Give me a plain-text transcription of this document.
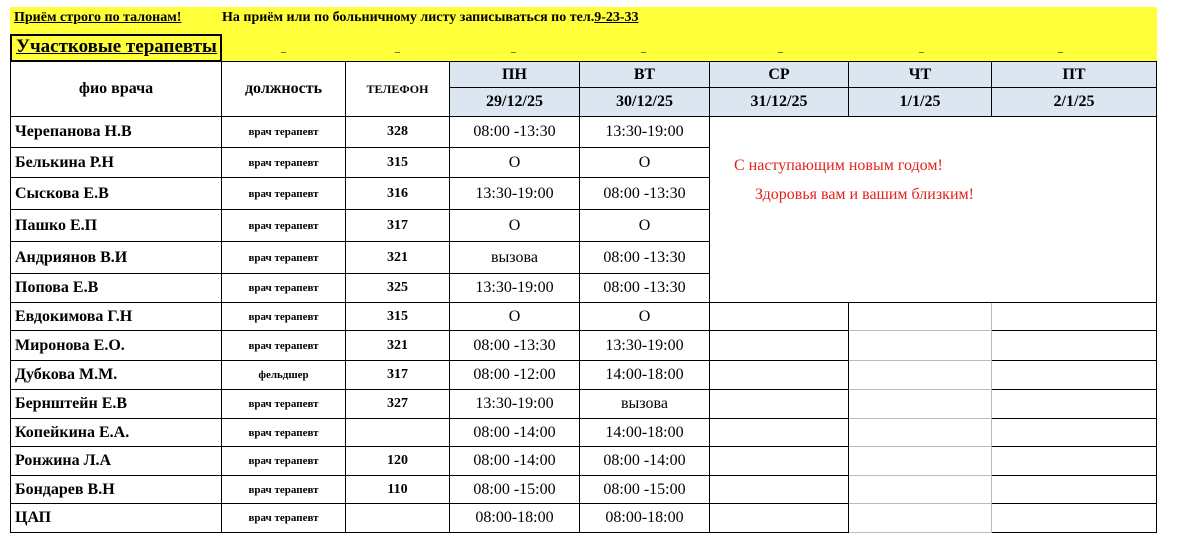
Приём строго по талонам!	На приём или по больничному листу записываться по тел.9-23-33
Участковые терапевты
фио врача	должность	ТЕЛЕФОН	ПН	ВТ	СР	ЧТ	ПТ
			29/12/25	30/12/25	31/12/25	1/1/25	2/1/25
Черепанова Н.В	врач терапевт	328	08:00 -13:30	13:30-19:00	С наступающим новым годом!
Здоровья вам и вашим близким!		

Белькина Р.Н	врач терапевт	315	О	О			
Сыскова Е.В	врач терапевт	316	13:30-19:00	08:00 -13:30			
Пашко Е.П	врач терапевт	317	О	О			
Андриянов В.И	врач терапевт	321	вызова	08:00 -13:30			
Попова Е.В	врач терапевт	325	13:30-19:00	08:00 -13:30			
Евдокимова Г.Н	врач терапевт	315	О	О			
Миронова Е.О.	врач терапевт	321	08:00 -13:30	13:30-19:00			
Дубкова М.М.	фельдшер	317	08:00 -12:00	14:00-18:00			
Бернштейн Е.В	врач терапевт	327	13:30-19:00	вызова			
Копейкина Е.А.	врач терапевт		08:00 -14:00	14:00-18:00			
Ронжина Л.А	врач терапевт	120	08:00 -14:00	08:00 -14:00			
Бондарев В.Н	врач терапевт	110	08:00 -15:00	08:00 -15:00			
ЦАП	врач терапевт		08:00-18:00	08:00-18:00			
_	_	_	_	_	_	_
